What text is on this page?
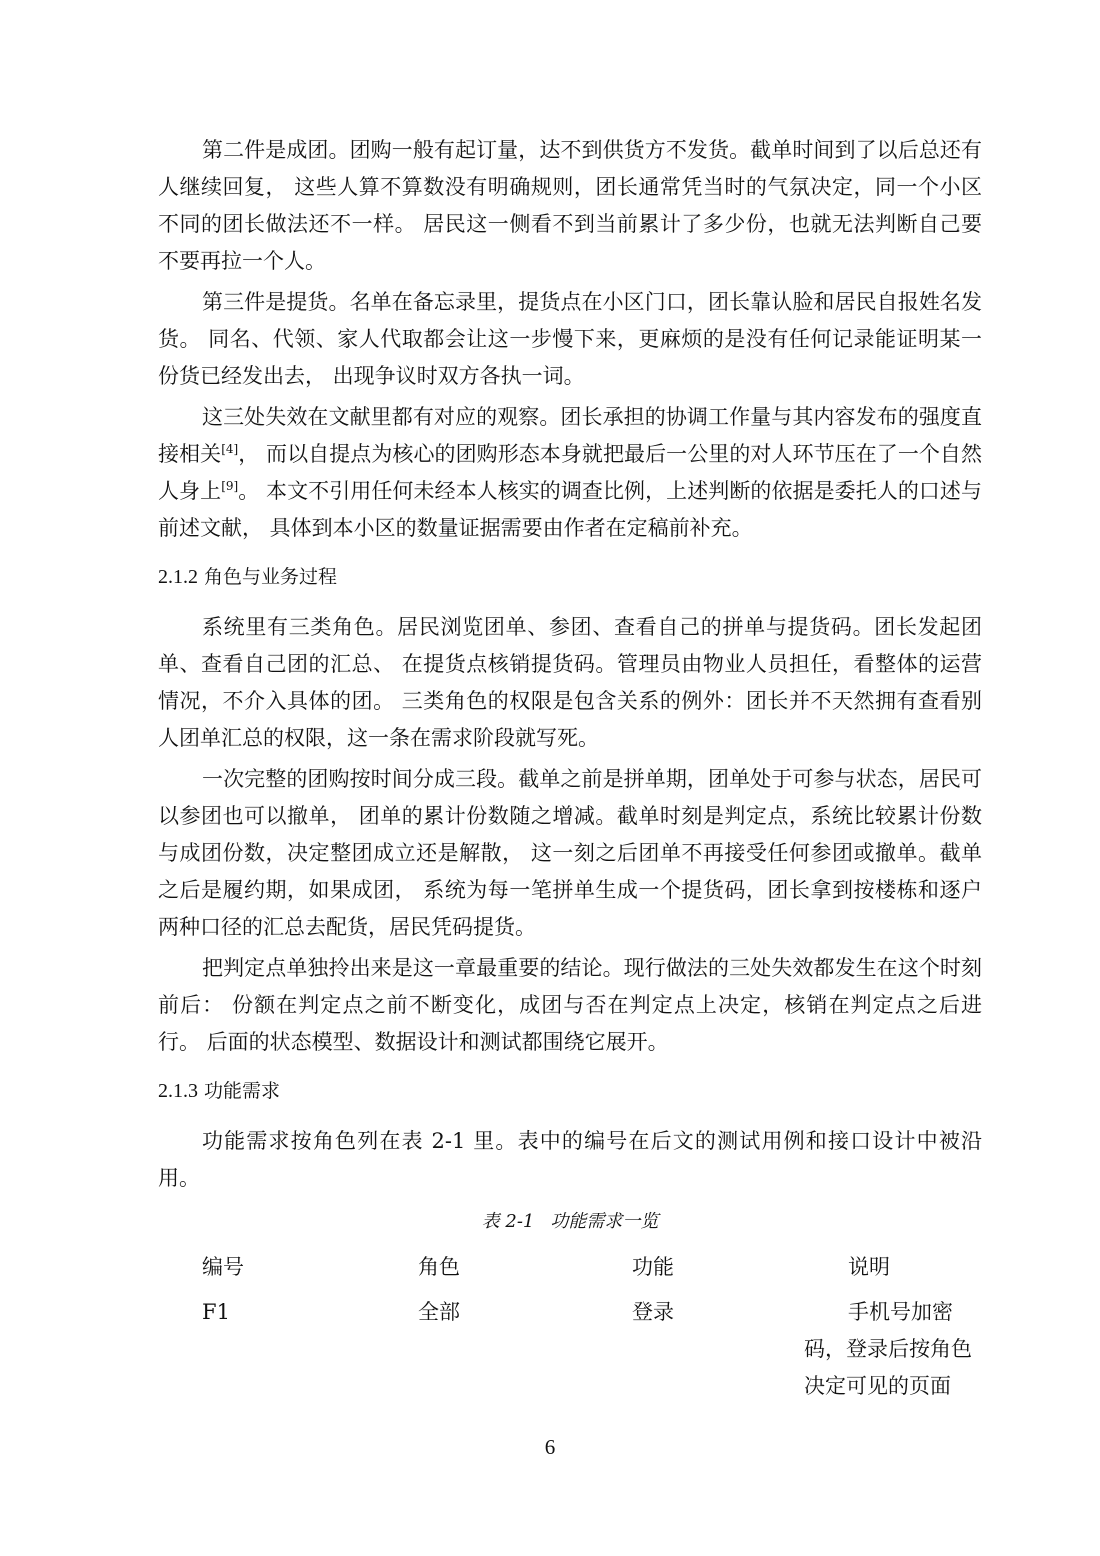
第二件是成团。团购一般有起订量，达不到供货方不发货。截单时间到了以后总还有人继续回复， 这些人算不算数没有明确规则，团长通常凭当时的气氛决定，同一个小区不同的团长做法还不一样。 居民这一侧看不到当前累计了多少份，也就无法判断自己要不要再拉一个人。

第三件是提货。名单在备忘录里，提货点在小区门口，团长靠认脸和居民自报姓名发货。 同名、代领、家人代取都会让这一步慢下来，更麻烦的是没有任何记录能证明某一份货已经发出去， 出现争议时双方各执一词。

这三处失效在文献里都有对应的观察。团长承担的协调工作量与其内容发布的强度直接相关[4]， 而以自提点为核心的团购形态本身就把最后一公里的对人环节压在了一个自然人身上[9]。 本文不引用任何未经本人核实的调查比例，上述判断的依据是委托人的口述与前述文献， 具体到本小区的数量证据需要由作者在定稿前补充。

2.1.2 角色与业务过程

系统里有三类角色。居民浏览团单、参团、查看自己的拼单与提货码。团长发起团单、查看自己团的汇总、 在提货点核销提货码。管理员由物业人员担任，看整体的运营情况，不介入具体的团。 三类角色的权限是包含关系的例外：团长并不天然拥有查看别人团单汇总的权限，这一条在需求阶段就写死。

一次完整的团购按时间分成三段。截单之前是拼单期，团单处于可参与状态，居民可以参团也可以撤单， 团单的累计份数随之增减。截单时刻是判定点，系统比较累计份数与成团份数，决定整团成立还是解散， 这一刻之后团单不再接受任何参团或撤单。截单之后是履约期，如果成团， 系统为每一笔拼单生成一个提货码，团长拿到按楼栋和逐户两种口径的汇总去配货，居民凭码提货。

把判定点单独拎出来是这一章最重要的结论。现行做法的三处失效都发生在这个时刻前后： 份额在判定点之前不断变化，成团与否在判定点上决定，核销在判定点之后进行。 后面的状态模型、数据设计和测试都围绕它展开。

2.1.3 功能需求

功能需求按角色列在表 2-1 里。表中的编号在后文的测试用例和接口设计中被沿用。

表 2-1 功能需求一览
编号	角色	功能	说明
F1	全部	登录	手机号加密码，登录后按角色决定可见的页面
6
